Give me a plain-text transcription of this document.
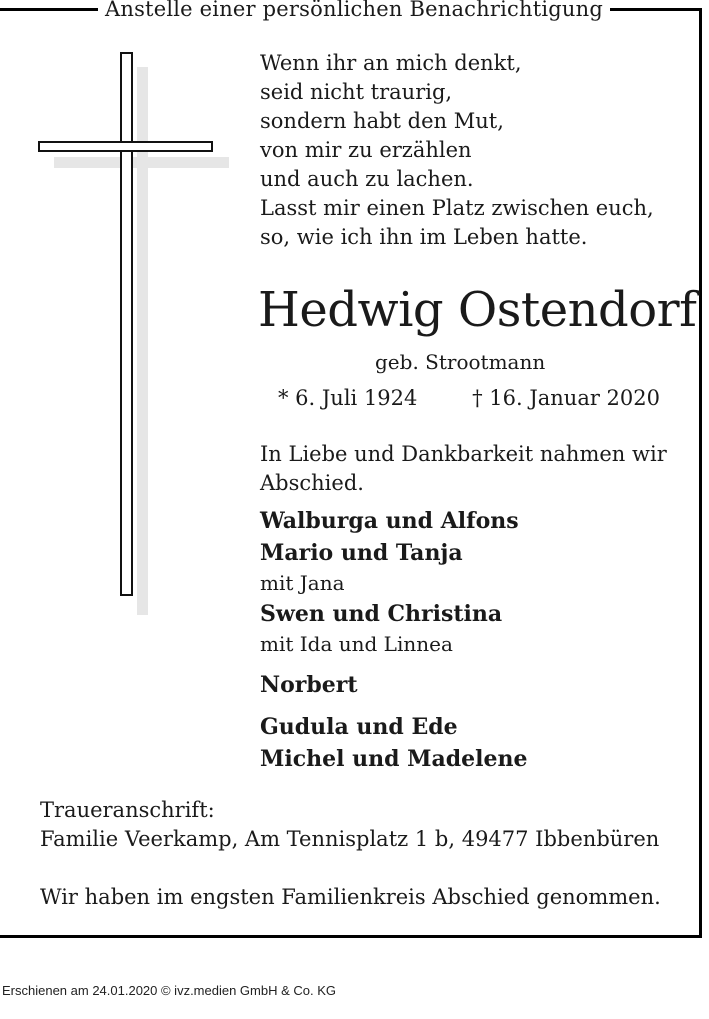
Anstelle einer persönlichen Benachrichtigung
Wenn ihr an mich denkt,
seid nicht traurig,
sondern habt den Mut,
von mir zu erzählen
und auch zu lachen.
Lasst mir einen Platz zwischen euch,
so, wie ich ihn im Leben hatte.
Hedwig Ostendorf
geb. Strootmann
* 6. Juli 1924	† 16. Januar 2020
In Liebe und Dankbarkeit nahmen wir Abschied.
Walburga und Alfons
Mario und Tanja
mit Jana
Swen und Christina
mit Ida und Linnea
Norbert
Gudula und Ede
Michel und Madelene
Traueranschrift:
Familie Veerkamp, Am Tennisplatz 1 b, 49477 Ibbenbüren
Wir haben im engsten Familienkreis Abschied genommen.
Erschienen am 24.01.2020 © ivz.medien GmbH & Co. KG
